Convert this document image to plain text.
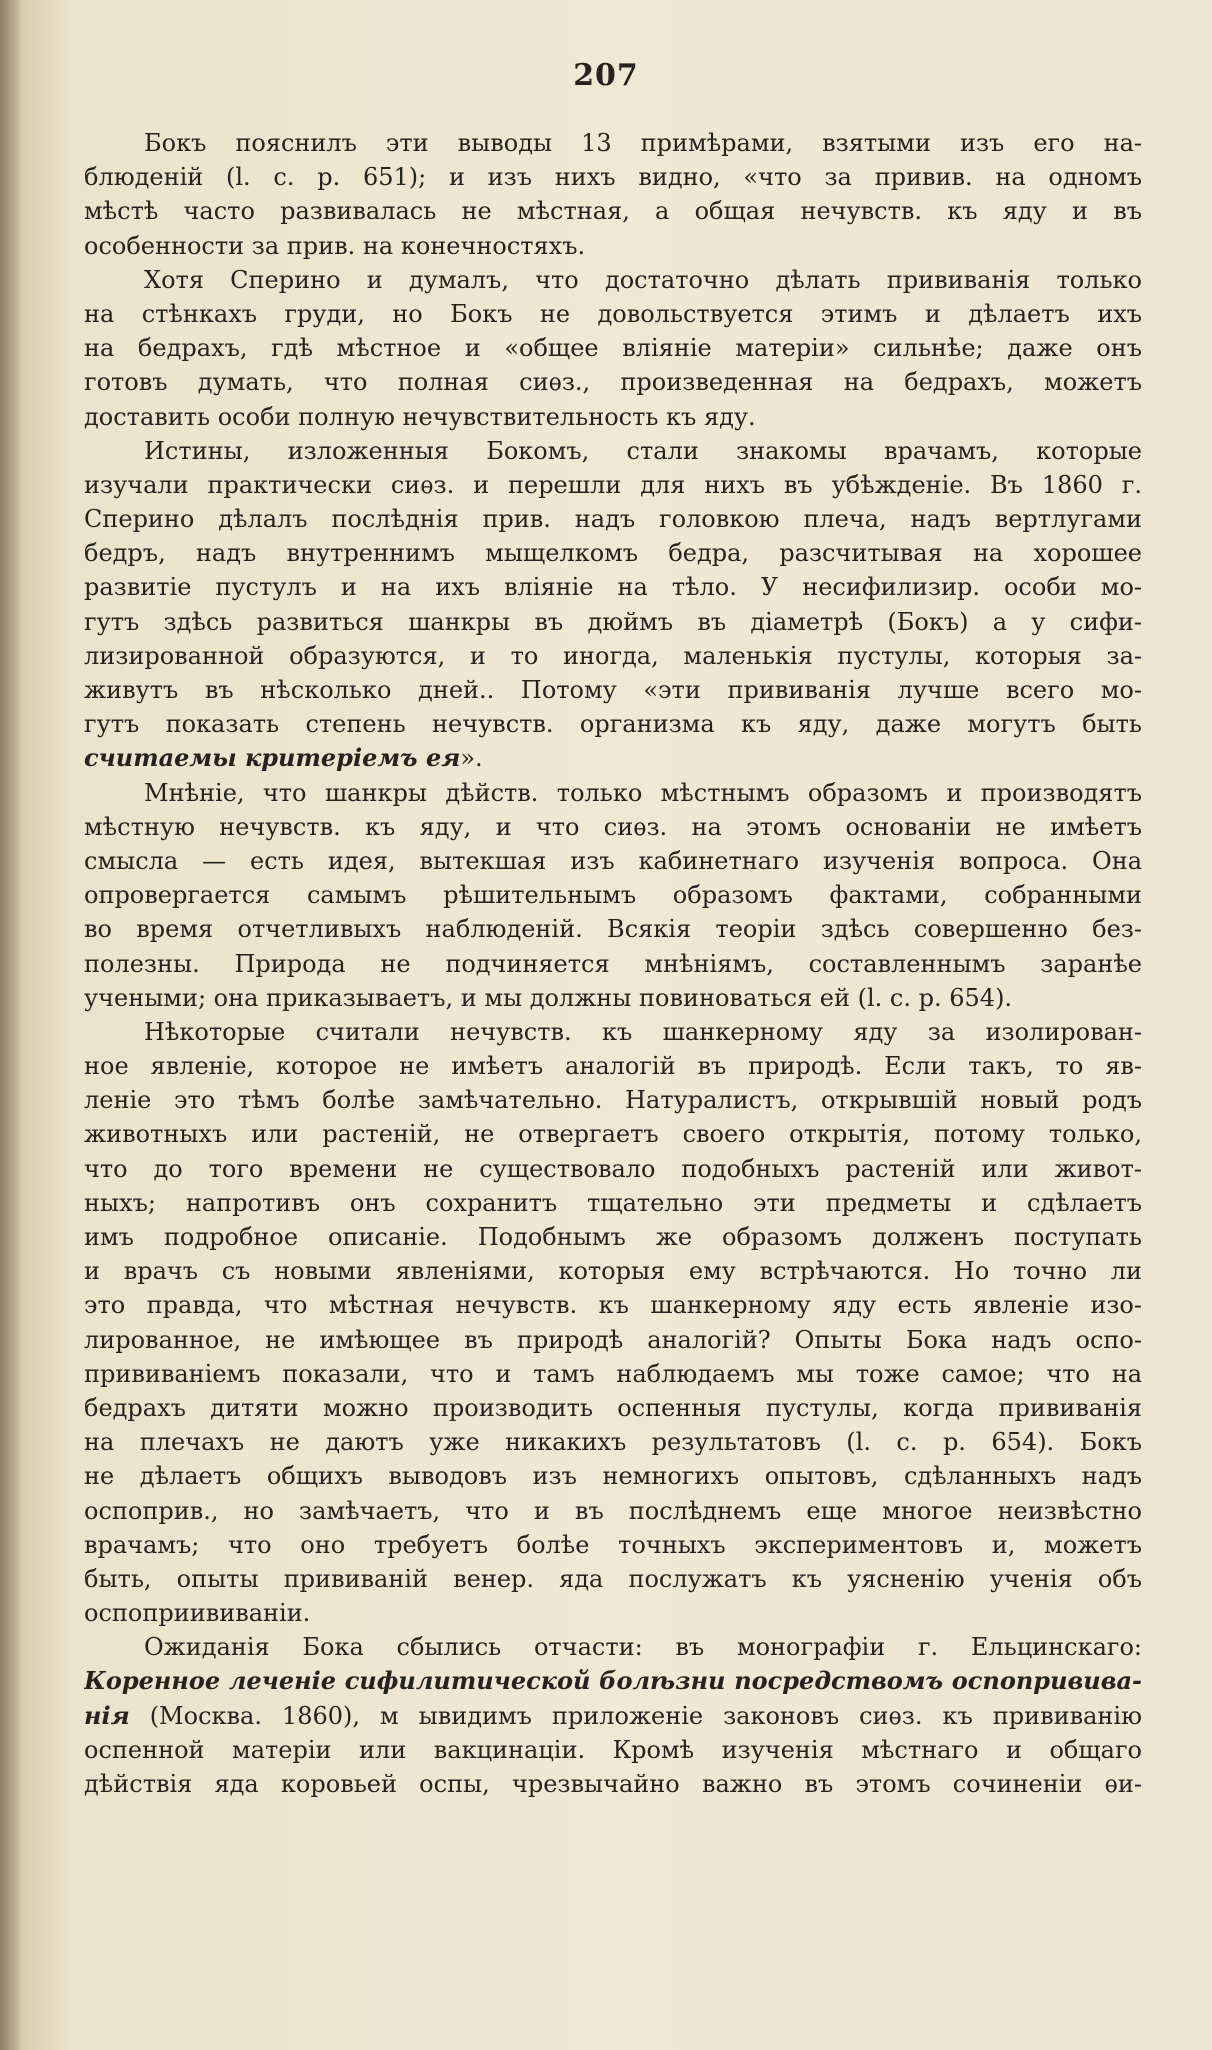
207
Бокъ пояснилъ эти выводы 13 примѣрами, взятыми изъ его на-
блюденій (l. c. p. 651); и изъ нихъ видно, «что за привив. на одномъ
мѣстѣ часто развивалась не мѣстная, а общая нечувств. къ яду и въ
особенности за прив. на конечностяхъ.
Хотя Сперино и думалъ, что достаточно дѣлать прививанія только
на стѣнкахъ груди, но Бокъ не довольствуется этимъ и дѣлаетъ ихъ
на бедрахъ, гдѣ мѣстное и «общее вліяніе матеріи» сильнѣе; даже онъ
готовъ думать, что полная сиѳз., произведенная на бедрахъ, можетъ
доставить особи полную нечувствительность къ яду.
Истины, изложенныя Бокомъ, стали знакомы врачамъ, которые
изучали практически сиѳз. и перешли для нихъ въ убѣжденіе. Въ 1860 г.
Сперино дѣлалъ послѣднія прив. надъ головкою плеча, надъ вертлугами
бедръ, надъ внутреннимъ мыщелкомъ бедра, разсчитывая на хорошее
развитіе пустулъ и на ихъ вліяніе на тѣло. У несифилизир. особи мо-
гутъ здѣсь развиться шанкры въ дюймъ въ діаметрѣ (Бокъ) а у сифи-
лизированной образуются, и то иногда, маленькія пустулы, которыя за-
живутъ въ нѣсколько дней.. Потому «эти прививанія лучше всего мо-
гутъ показать степень нечувств. организма къ яду, даже могутъ быть
считаемы критеріемъ ея».
Мнѣніе, что шанкры дѣйств. только мѣстнымъ образомъ и производятъ
мѣстную нечувств. къ яду, и что сиѳз. на этомъ основаніи не имѣетъ
смысла — есть идея, вытекшая изъ кабинетнаго изученія вопроса. Она
опровергается самымъ рѣшительнымъ образомъ фактами, собранными
во время отчетливыхъ наблюденій. Всякія теоріи здѣсь совершенно без-
полезны. Природа не подчиняется мнѣніямъ, составленнымъ заранѣе
учеными; она приказываетъ, и мы должны повиноваться ей (l. c. p. 654).
Нѣкоторые считали нечувств. къ шанкерному яду за изолирован-
ное явленіе, которое не имѣетъ аналогій въ природѣ. Если такъ, то яв-
леніе это тѣмъ болѣе замѣчательно. Натуралистъ, открывшій новый родъ
животныхъ или растеній, не отвергаетъ своего открытія, потому только,
что до того времени не существовало подобныхъ растеній или живот-
ныхъ; напротивъ онъ сохранитъ тщательно эти предметы и сдѣлаетъ
имъ подробное описаніе. Подобнымъ же образомъ долженъ поступать
и врачъ съ новыми явленіями, которыя ему встрѣчаются. Но точно ли
это правда, что мѣстная нечувств. къ шанкерному яду есть явленіе изо-
лированное, не имѣющее въ природѣ аналогій? Опыты Бока надъ оспо-
прививаніемъ показали, что и тамъ наблюдаемъ мы тоже самое; что на
бедрахъ дитяти можно производить оспенныя пустулы, когда прививанія
на плечахъ не даютъ уже никакихъ результатовъ (l. c. p. 654). Бокъ
не дѣлаетъ общихъ выводовъ изъ немногихъ опытовъ, сдѣланныхъ надъ
оспоприв., но замѣчаетъ, что и въ послѣднемъ еще многое неизвѣстно
врачамъ; что оно требуетъ болѣе точныхъ экспериментовъ и, можетъ
быть, опыты прививаній венер. яда послужатъ къ уясненію ученія объ
оспоприививаніи.
Ожиданія Бока сбылись отчасти: въ монографіи г. Ельцинскаго:
Коренное леченіе сифилитической болѣзни посредствомъ оспопривива-
нія (Москва. 1860), м ывидимъ приложеніе законовъ сиѳз. къ прививанію
оспенной матеріи или вакцинаціи. Кромѣ изученія мѣстнаго и общаго
дѣйствія яда коровьей оспы, чрезвычайно важно въ этомъ сочиненіи ѳи-
